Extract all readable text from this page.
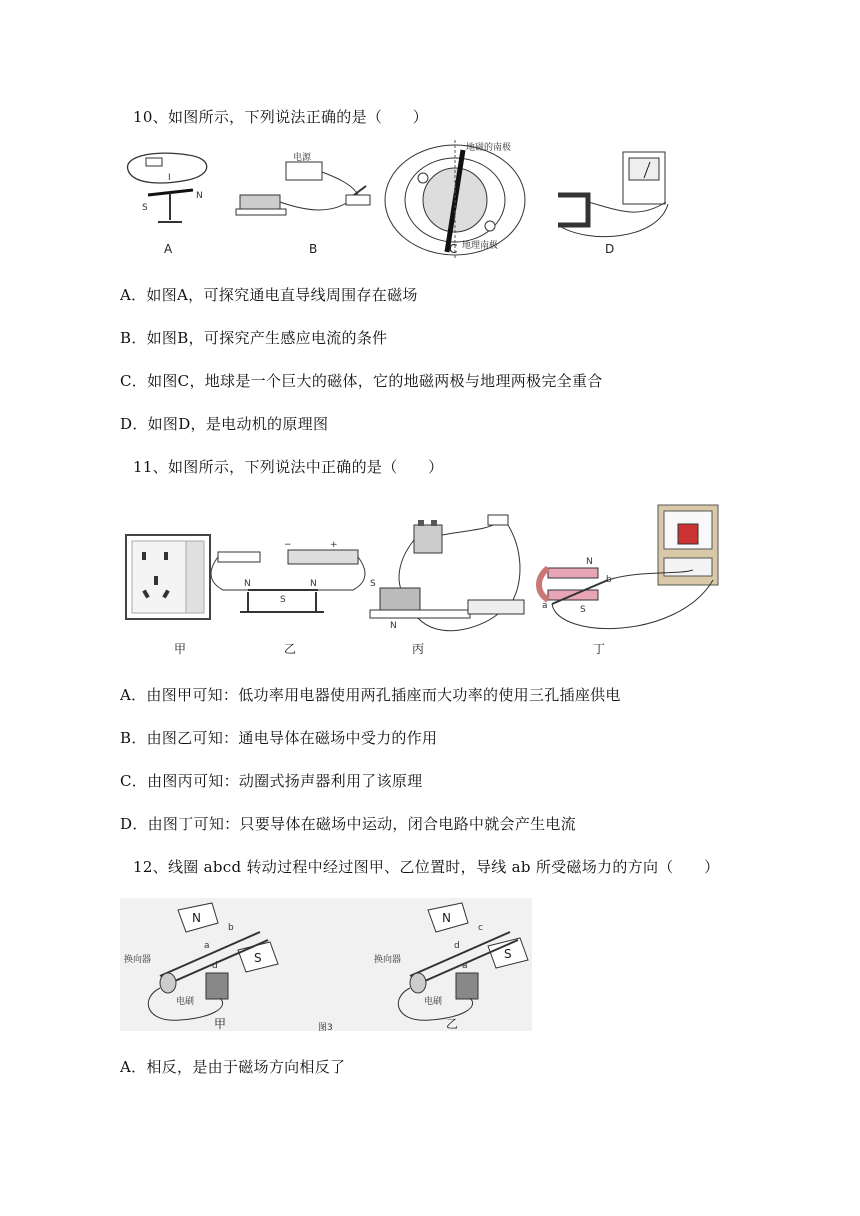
10、如图所示，下列说法正确的是（　　）
I
S
N
A
电源
B
地磁的南极
地理南极
C	D
A．如图A，可探究通电直导线周围存在磁场
B．如图B，可探究产生感应电流的条件
C．如图C，地球是一个巨大的磁体，它的地磁两极与地理两极完全重合
D．如图D，是电动机的原理图
11、如图所示，下列说法中正确的是（　　）
甲
−	+
N	N
S
乙
S
N
丙
N
S
b
a
丁
A．由图甲可知：低功率用电器使用两孔插座而大功率的使用三孔插座供电
B．由图乙可知：通电导体在磁场中受力的作用
C．由图丙可知：动圈式扬声器利用了该原理
D．由图丁可知：只要导体在磁场中运动，闭合电路中就会产生电流
12、线圈 abcd 转动过程中经过图甲、乙位置时，导线 ab 所受磁场力的方向（　　）
N
S
a
b
d
换向器
电刷
甲
N
S
d
c
a
换向器
电刷
乙
图3
A．相反，是由于磁场方向相反了
